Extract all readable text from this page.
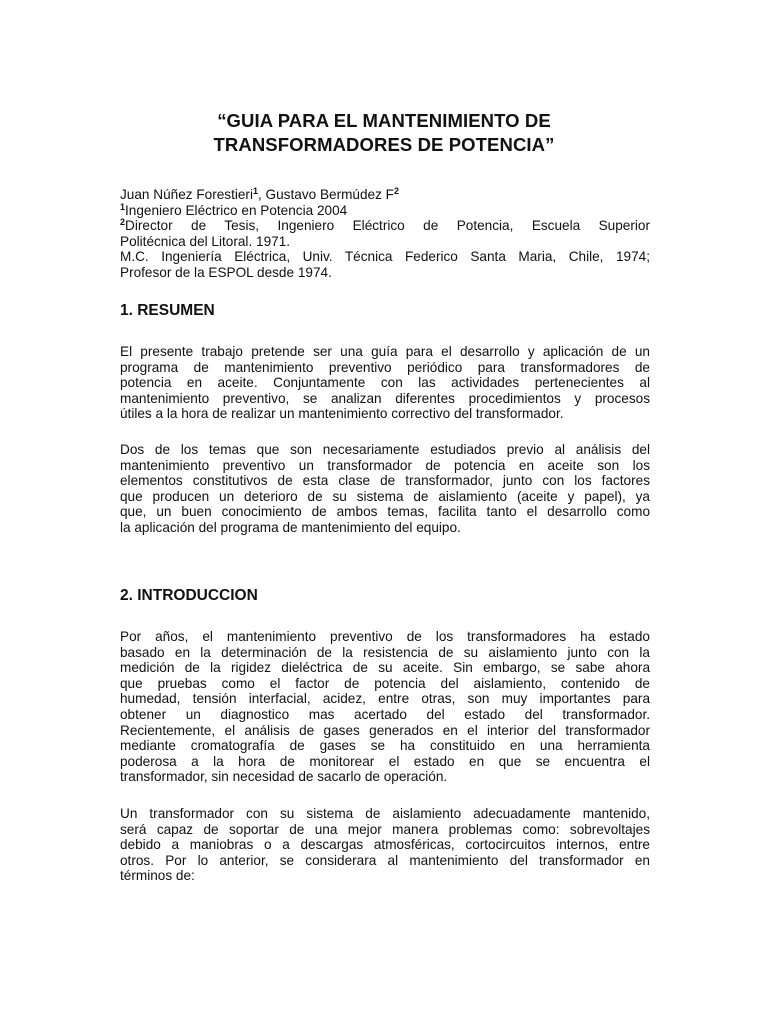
“GUIA PARA EL MANTENIMIENTO DE
TRANSFORMADORES DE POTENCIA”
Juan Núñez Forestieri$^1$, Gustavo Bermúdez $F^2$
$^1$Ingeniero Eléctrico en Potencia 2004
$^2$Director de Tesis, Ingeniero Eléctrico de Potencia, Escuela Superior
Politécnica del Litoral. 1971.
M.C. Ingeniería Eléctrica, Univ. Técnica Federico Santa Maria, Chile, 1974;
Profesor de la ESPOL desde 1974.
1. RESUMEN
El presente trabajo pretende ser una guía para el desarrollo y aplicación de un
programa de mantenimiento preventivo periódico para transformadores de
potencia en aceite. Conjuntamente con las actividades pertenecientes al
mantenimiento preventivo, se analizan diferentes procedimientos y procesos
útiles a la hora de realizar un mantenimiento correctivo del transformador.
Dos de los temas que son necesariamente estudiados previo al análisis del
mantenimiento preventivo un transformador de potencia en aceite son los
elementos constitutivos de esta clase de transformador, junto con los factores
que producen un deterioro de su sistema de aislamiento (aceite y papel), ya
que, un buen conocimiento de ambos temas, facilita tanto el desarrollo como
la aplicación del programa de mantenimiento del equipo.
2. INTRODUCCION
Por años, el mantenimiento preventivo de los transformadores ha estado
basado en la determinación de la resistencia de su aislamiento junto con la
medición de la rigidez dieléctrica de su aceite. Sin embargo, se sabe ahora
que pruebas como el factor de potencia del aislamiento, contenido de
humedad, tensión interfacial, acidez, entre otras, son muy importantes para
obtener un diagnostico mas acertado del estado del transformador.
Recientemente, el análisis de gases generados en el interior del transformador
mediante cromatografía de gases se ha constituido en una herramienta
poderosa a la hora de monitorear el estado en que se encuentra el
transformador, sin necesidad de sacarlo de operación.
Un transformador con su sistema de aislamiento adecuadamente mantenido,
será capaz de soportar de una mejor manera problemas como: sobrevoltajes
debido a maniobras o a descargas atmosféricas, cortocircuitos internos, entre
otros. Por lo anterior, se considerara al mantenimiento del transformador en
términos de:
